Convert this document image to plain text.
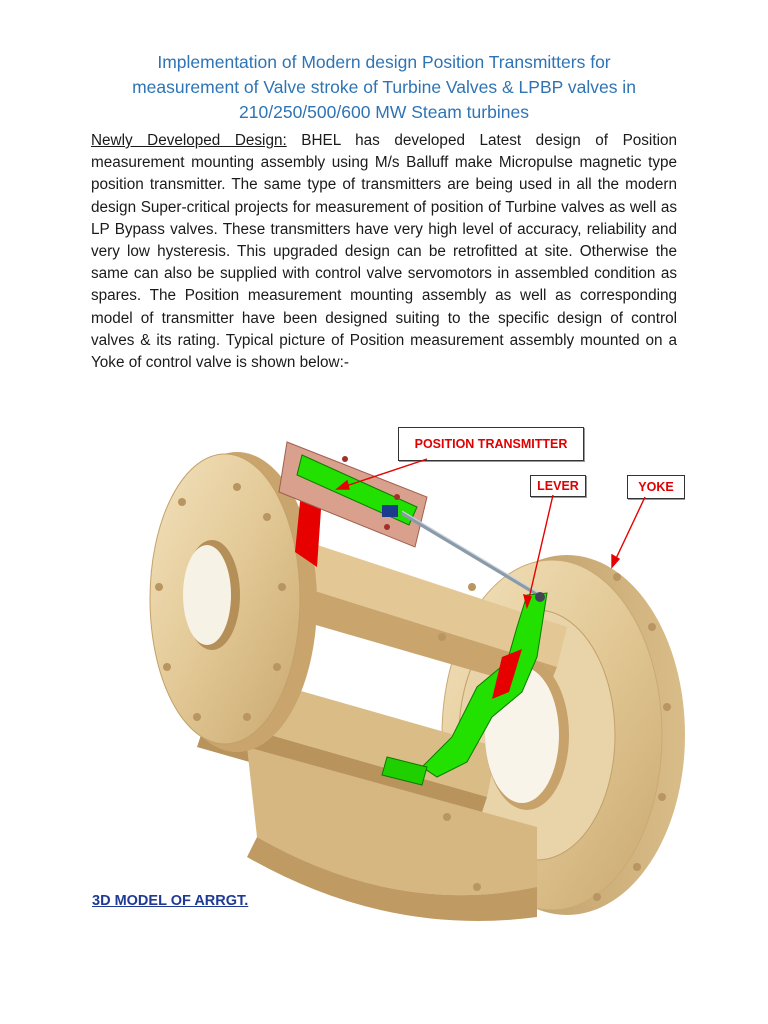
Implementation of Modern design Position Transmitters for
measurement of Valve stroke of Turbine Valves & LPBP valves in
210/250/500/600 MW Steam turbines

Newly Developed Design: BHEL has developed Latest design of Position measurement mounting assembly using M/s Balluff make Micropulse magnetic type position transmitter. The same type of transmitters are being used in all the modern design Super-critical projects for measurement of position of Turbine valves as well as LP Bypass valves. These transmitters have very high level of accuracy, reliability and very low hysteresis. This upgraded design can be retrofitted at site. Otherwise the same can also be supplied with control valve servomotors in assembled condition as spares. The Position measurement mounting assembly as well as corresponding model of transmitter have been designed suiting to the specific design of control valves & its rating. Typical picture of Position measurement assembly mounted on a Yoke of control valve is shown below:-

POSITION TRANSMITTER
LEVER	YOKE
3D MODEL OF ARRGT.
